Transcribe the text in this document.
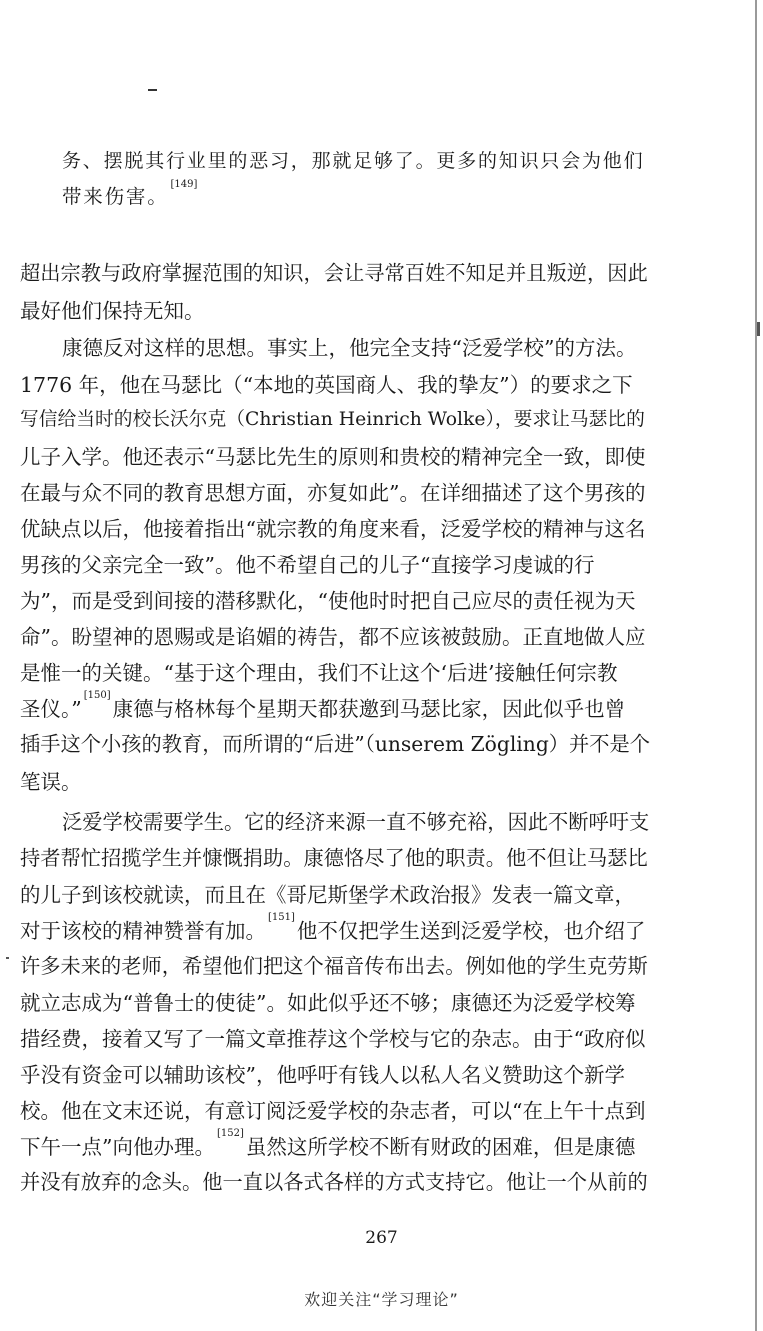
务、摆脱其行业里的恶习，那就足够了。更多的知识只会为他们
带来伤害。[149]
超出宗教与政府掌握范围的知识，会让寻常百姓不知足并且叛逆，因此
最好他们保持无知。
康德反对这样的思想。事实上，他完全支持“泛爱学校”的方法。
1776 年，他在马瑟比（“本地的英国商人、我的挚友”）的要求之下
写信给当时的校长沃尔克（Christian Heinrich Wolke），要求让马瑟比的
儿子入学。他还表示“马瑟比先生的原则和贵校的精神完全一致，即使
在最与众不同的教育思想方面，亦复如此”。在详细描述了这个男孩的
优缺点以后，他接着指出“就宗教的角度来看，泛爱学校的精神与这名
男孩的父亲完全一致”。他不希望自己的儿子“直接学习虔诚的行
为”，而是受到间接的潜移默化，“使他时时把自己应尽的责任视为天
命”。盼望神的恩赐或是谄媚的祷告，都不应该被鼓励。正直地做人应
是惟一的关键。“基于这个理由，我们不让这个‘后进’接触任何宗教
圣仪。”[150]康德与格林每个星期天都获邀到马瑟比家，因此似乎也曾
插手这个小孩的教育，而所谓的“后进”（unserem Zögling）并不是个
笔误。
泛爱学校需要学生。它的经济来源一直不够充裕，因此不断呼吁支
持者帮忙招揽学生并慷慨捐助。康德恪尽了他的职责。他不但让马瑟比
的儿子到该校就读，而且在《哥尼斯堡学术政治报》发表一篇文章，
对于该校的精神赞誉有加。[151]他不仅把学生送到泛爱学校，也介绍了
许多未来的老师，希望他们把这个福音传布出去。例如他的学生克劳斯
就立志成为“普鲁士的使徒”。如此似乎还不够；康德还为泛爱学校筹
措经费，接着又写了一篇文章推荐这个学校与它的杂志。由于“政府似
乎没有资金可以辅助该校”，他呼吁有钱人以私人名义赞助这个新学
校。他在文末还说，有意订阅泛爱学校的杂志者，可以“在上午十点到
下午一点”向他办理。[152]虽然这所学校不断有财政的困难，但是康德
并没有放弃的念头。他一直以各式各样的方式支持它。他让一个从前的
267
欢迎关注“学习理论”
